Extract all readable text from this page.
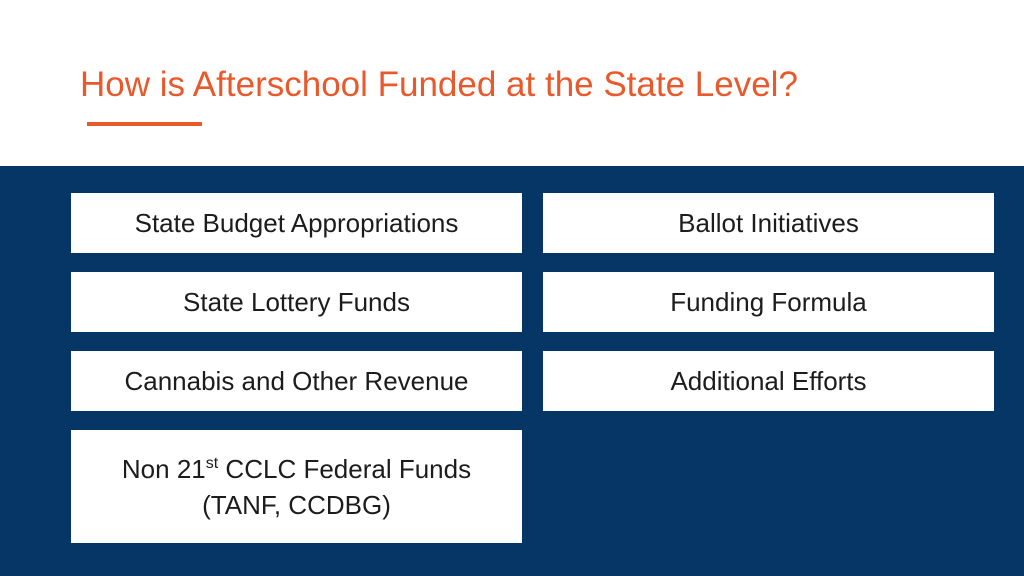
How is Afterschool Funded at the State Level?
State Budget Appropriations	Ballot Initiatives
State Lottery Funds	Funding Formula
Cannabis and Other Revenue	Additional Efforts
Non 21st CCLC Federal Funds
(TANF, CCDBG)
